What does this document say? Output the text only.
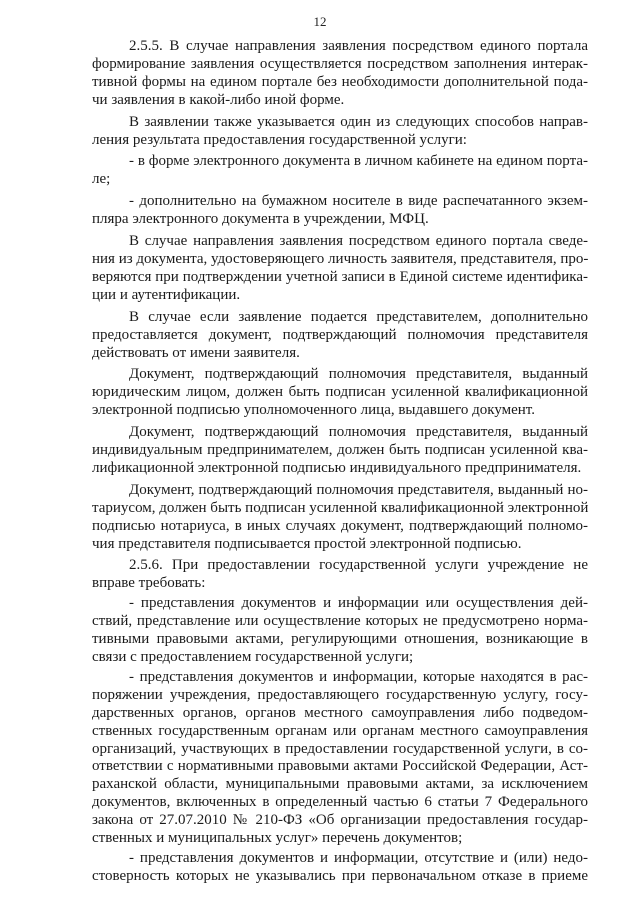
12
2.5.5. В случае направления заявления посредством единого портала
формирование заявления осуществляется посредством заполнения интерак-
тивной формы на едином портале без необходимости дополнительной пода-
чи заявления в какой-либо иной форме.
В заявлении также указывается один из следующих способов направ-
ления результата предоставления государственной услуги:
- в форме электронного документа в личном кабинете на едином порта-
ле;
- дополнительно на бумажном носителе в виде распечатанного экзем-
пляра электронного документа в учреждении, МФЦ.
В случае направления заявления посредством единого портала сведе-
ния из документа, удостоверяющего личность заявителя, представителя, про-
веряются при подтверждении учетной записи в Единой системе идентифика-
ции и аутентификации.
В случае если заявление подается представителем, дополнительно
предоставляется документ, подтверждающий полномочия представителя
действовать от имени заявителя.
Документ, подтверждающий полномочия представителя, выданный
юридическим лицом, должен быть подписан усиленной квалификационной
электронной подписью уполномоченного лица, выдавшего документ.
Документ, подтверждающий полномочия представителя, выданный
индивидуальным предпринимателем, должен быть подписан усиленной ква-
лификационной электронной подписью индивидуального предпринимателя.
Документ, подтверждающий полномочия представителя, выданный но-
тариусом, должен быть подписан усиленной квалификационной электронной
подписью нотариуса, в иных случаях документ, подтверждающий полномо-
чия представителя подписывается простой электронной подписью.
2.5.6. При предоставлении государственной услуги учреждение не
вправе требовать:
- представления документов и информации или осуществления дей-
ствий, представление или осуществление которых не предусмотрено норма-
тивными правовыми актами, регулирующими отношения, возникающие в
связи с предоставлением государственной услуги;
- представления документов и информации, которые находятся в рас-
поряжении учреждения, предоставляющего государственную услугу, госу-
дарственных органов, органов местного самоуправления либо подведом-
ственных государственным органам или органам местного самоуправления
организаций, участвующих в предоставлении государственной услуги, в со-
ответствии с нормативными правовыми актами Российской Федерации, Аст-
раханской области, муниципальными правовыми актами, за исключением
документов, включенных в определенный частью 6 статьи 7 Федерального
закона от 27.07.2010 № 210-ФЗ «Об организации предоставления государ-
ственных и муниципальных услуг» перечень документов;
- представления документов и информации, отсутствие и (или) недо-
стоверность которых не указывались при первоначальном отказе в приеме
